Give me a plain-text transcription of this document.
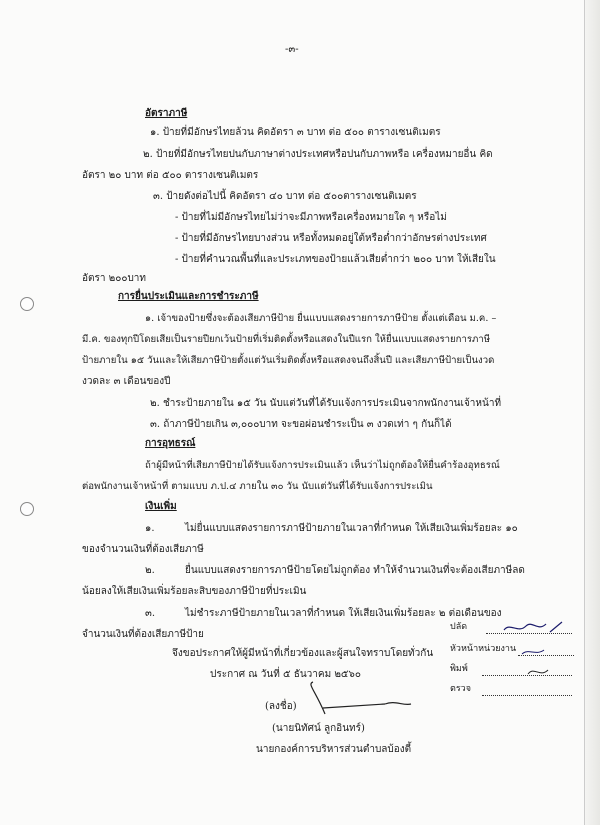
-๓-
อัตราภาษี
๑. ป้ายที่มีอักษรไทยล้วน คิดอัตรา ๓ บาท ต่อ ๕๐๐ ตารางเซนติเมตร
๒. ป้ายที่มีอักษรไทยปนกับภาษาต่างประเทศหรือปนกับภาพหรือ เครื่องหมายอื่น คิด
อัตรา ๒๐ บาท ต่อ ๕๐๐ ตารางเซนติเมตร
๓. ป้ายดังต่อไปนี้ คิดอัตรา ๔๐ บาท ต่อ ๕๐๐ตารางเซนติเมตร
- ป้ายที่ไม่มีอักษรไทยไม่ว่าจะมีภาพหรือเครื่องหมายใด ๆ หรือไม่
- ป้ายที่มีอักษรไทยบางส่วน หรือทั้งหมดอยู่ใต้หรือต่ำกว่าอักษรต่างประเทศ
- ป้ายที่คำนวณพื้นที่และประเภทของป้ายแล้วเสียต่ำกว่า ๒๐๐ บาท ให้เสียใน
อัตรา ๒๐๐บาท
การยื่นประเมินและการชำระภาษี
๑. เจ้าของป้ายซึ่งจะต้องเสียภาษีป้าย ยื่นแบบแสดงรายการภาษีป้าย ตั้งแต่เดือน ม.ค. –
มี.ค. ของทุกปีโดยเสียเป็นรายปียกเว้นป้ายที่เริ่มติดตั้งหรือแสดงในปีแรก ให้ยื่นแบบแสดงรายการภาษี
ป้ายภายใน ๑๕ วันและให้เสียภาษีป้ายตั้งแต่วันเริ่มติดตั้งหรือแสดงจนถึงสิ้นปี และเสียภาษีป้ายเป็นงวด
งวดละ ๓ เดือนของปี
๒. ชำระป้ายภายใน ๑๕ วัน นับแต่วันที่ได้รับแจ้งการประเมินจากพนักงานเจ้าหน้าที่
๓. ถ้าภาษีป้ายเกิน ๓,๐๐๐บาท จะขอผ่อนชำระเป็น ๓ งวดเท่า ๆ กันก็ได้
การอุทธรณ์
ถ้าผู้มีหน้าที่เสียภาษีป้ายได้รับแจ้งการประเมินแล้ว เห็นว่าไม่ถูกต้องให้ยื่นคำร้องอุทธรณ์
ต่อพนักงานเจ้าหน้าที่ ตามแบบ ภ.ป.๔ ภายใน ๓๐ วัน นับแต่วันที่ได้รับแจ้งการประเมิน
เงินเพิ่ม
๑.	ไม่ยื่นแบบแสดงรายการภาษีป้ายภายในเวลาที่กำหนด ให้เสียเงินเพิ่มร้อยละ ๑๐
ของจำนวนเงินที่ต้องเสียภาษี
๒.	ยื่นแบบแสดงรายการภาษีป้ายโดยไม่ถูกต้อง ทำให้จำนวนเงินที่จะต้องเสียภาษีลด
น้อยลงให้เสียเงินเพิ่มร้อยละสิบของภาษีป้ายที่ประเมิน
๓.	ไม่ชำระภาษีป้ายภายในเวลาที่กำหนด ให้เสียเงินเพิ่มร้อยละ ๒ ต่อเดือนของ
จำนวนเงินที่ต้องเสียภาษีป้าย
จึงขอประกาศให้ผู้มีหน้าที่เกี่ยวข้องและผู้สนใจทราบโดยทั่วกัน
ประกาศ ณ วันที่ ๕ ธันวาคม ๒๕๖๐
(ลงชื่อ)
(นายนิทัศน์ ลูกอินทร์)
นายกองค์การบริหารส่วนตำบลบ้องตี้
ปลัด
หัวหน้าหน่วยงาน
พิมพ์
ตรวจ
